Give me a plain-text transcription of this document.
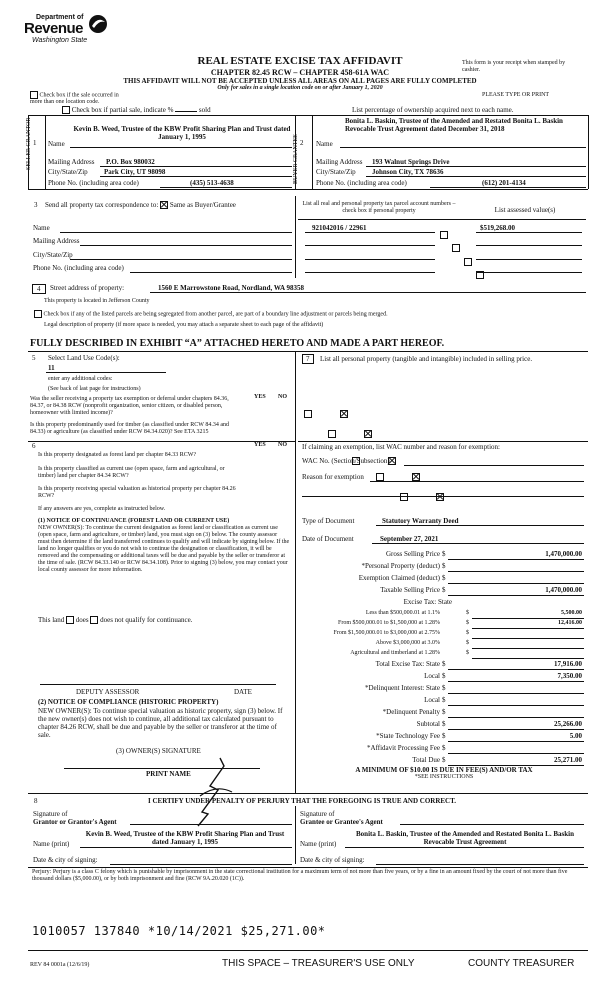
Department of
Revenue
Washington State
REAL ESTATE EXCISE TAX AFFIDAVIT
CHAPTER 82.45 RCW – CHAPTER 458-61A WAC
THIS AFFIDAVIT WILL NOT BE ACCEPTED UNLESS ALL AREAS ON ALL PAGES ARE FULLY COMPLETED
Only for sales in a single location code on or after January 1, 2020
This form is your receipt when stamped by cashier.
PLEASE TYPE OR PRINT
Check box if the sale occurred in more than one location code.
Check box if partial sale, indicate %	sold	List percentage of ownership acquired next to each name.
1
SELLER GRANTOR Name
Kevin B. Weed, Trustee of the KBW Profit Sharing Plan and Trust dated January 1, 1995
Mailing Address P.O. Box 980032
City/State/Zip Park City, UT 98098
Phone No. (including area code)	(435) 513-4638
2
BUYER GRANTEE Name
Bonita L. Baskin, Trustee of the Amended and Restated Bonita L. Baskin Revocable Trust Agreement dated December 31, 2018
Mailing Address 193 Walnut Springs Drive
City/State/Zip Johnson City, TX 78636
Phone No. (including area code)	(612) 201-4134
3 Send all property tax correspondence to: Same as Buyer/Grantee
Name
Mailing Address
City/State/Zip
Phone No. (including area code)
List all real and personal property tax parcel account numbers – check box if personal property	List assessed value(s)
921042016 / 22961
	$519,268.00

4	Street address of property:	1560 E Marrowstone Road, Nordland, WA 98358
This property is located in Jefferson County
Check box if any of the listed parcels are being segregated from another parcel, are part of a boundary line adjustment or parcels being merged.
Legal description of property (if more space is needed, you may attach a separate sheet to each page of the affidavit)
FULLY DESCRIBED IN EXHIBIT “A” ATTACHED HERETO AND MADE A PART HEREOF.
5 Select Land Use Code(s):
11
enter any additional codes:
(See back of last page for instructions)
YES NO
Was the seller receiving a property tax exemption or deferral under chapters 84.36, 84.37, or 84.38 RCW (nonprofit organization, senior citizen, or disabled person, homeowner with limited income)?

Is this property predominantly used for timber (as classified under RCW 84.34 and 84.33) or agriculture (as classified under RCW 84.34.020)? See ETA 3215

6	YES NO
Is this property designated as forest land per chapter 84.33 RCW?

Is this property classified as current use (open space, farm and agricultural, or timber) land per chapter 84.34 RCW?

Is this property receiving special valuation as historical property per chapter 84.26 RCW?

If any answers are yes, complete as instructed below.
(1) NOTICE OF CONTINUANCE (FOREST LAND OR CURRENT USE)
NEW OWNER(S): To continue the current designation as forest land or classification as current use (open space, farm and agriculture, or timber) land, you must sign on (3) below. The county assessor must then determine if the land transferred continues to qualify and will indicate by signing below. If the land no longer qualifies or you do not wish to continue the designation or classification, it will be removed and the compensating or additional taxes will be due and payable by the seller or transferor at the time of sale. (RCW 84.33.140 or RCW 84.34.108). Prior to signing (3) below, you may contact your local county assessor for more information.
This land does does not qualify for continuance.
DEPUTY ASSESSOR	DATE
(2) NOTICE OF COMPLIANCE (HISTORIC PROPERTY)
NEW OWNER(S): To continue special valuation as historic property, sign (3) below. If the new owner(s) does not wish to continue, all additional tax calculated pursuant to chapter 84.26 RCW, shall be due and payable by the seller or transferor at the time of sale.
(3) OWNER(S) SIGNATURE
PRINT NAME
7	List all personal property (tangible and intangible) included in selling price.
If claiming an exemption, list WAC number and reason for exemption:
WAC No. (Section/Subsection)
Reason for exemption
Type of Document	Statutory Warranty Deed
Date of Document	September 27, 2021
Gross Selling Price $	1,470,000.00
*Personal Property (deduct) $
Exemption Claimed (deduct) $
Taxable Selling Price $	1,470,000.00
Excise Tax: State
Less than $500,000.01 at 1.1%	$	5,500.00
From $500,000.01 to $1,500,000 at 1.28%	$	12,416.00
From $1,500,000.01 to $3,000,000 at 2.75%	$
Above $3,000,000 at 3.0%	$
Agricultural and timberland at 1.28%	$
Total Excise Tax: State $	17,916.00
Local $	7,350.00
*Delinquent Interest: State $
Local $
*Delinquent Penalty $
Subtotal $	25,266.00
*State Technology Fee $	5.00
*Affidavit Processing Fee $
Total Due $	25,271.00
A MINIMUM OF $10.00 IS DUE IN FEE(S) AND/OR TAX
*SEE INSTRUCTIONS
8	I CERTIFY UNDER PENALTY OF PERJURY THAT THE FOREGOING IS TRUE AND CORRECT.
Signature of
Grantor or Grantor's Agent
Signature of
Grantee or Grantee's Agent
Name (print)
Kevin B. Weed, Trustee of the KBW Profit Sharing Plan and Trust dated January 1, 1995	Name (print)
Bonita L. Baskin, Trustee of the Amended and Restated Bonita L. Baskin Revocable Trust Agreement
Date & city of signing:	Date & city of signing:
Perjury: Perjury is a class C felony which is punishable by imprisonment in the state correctional institution for a maximum term of not more than five years, or by a fine in an amount fixed by the court of not more than five thousand dollars ($5,000.00), or by both imprisonment and fine (RCW 9A.20.020 (1C)).
1010057 137840 *10/14/2021 $25,271.00*
REV 84 0001a (12/6/19)	THIS SPACE – TREASURER'S USE ONLY	COUNTY TREASURER
